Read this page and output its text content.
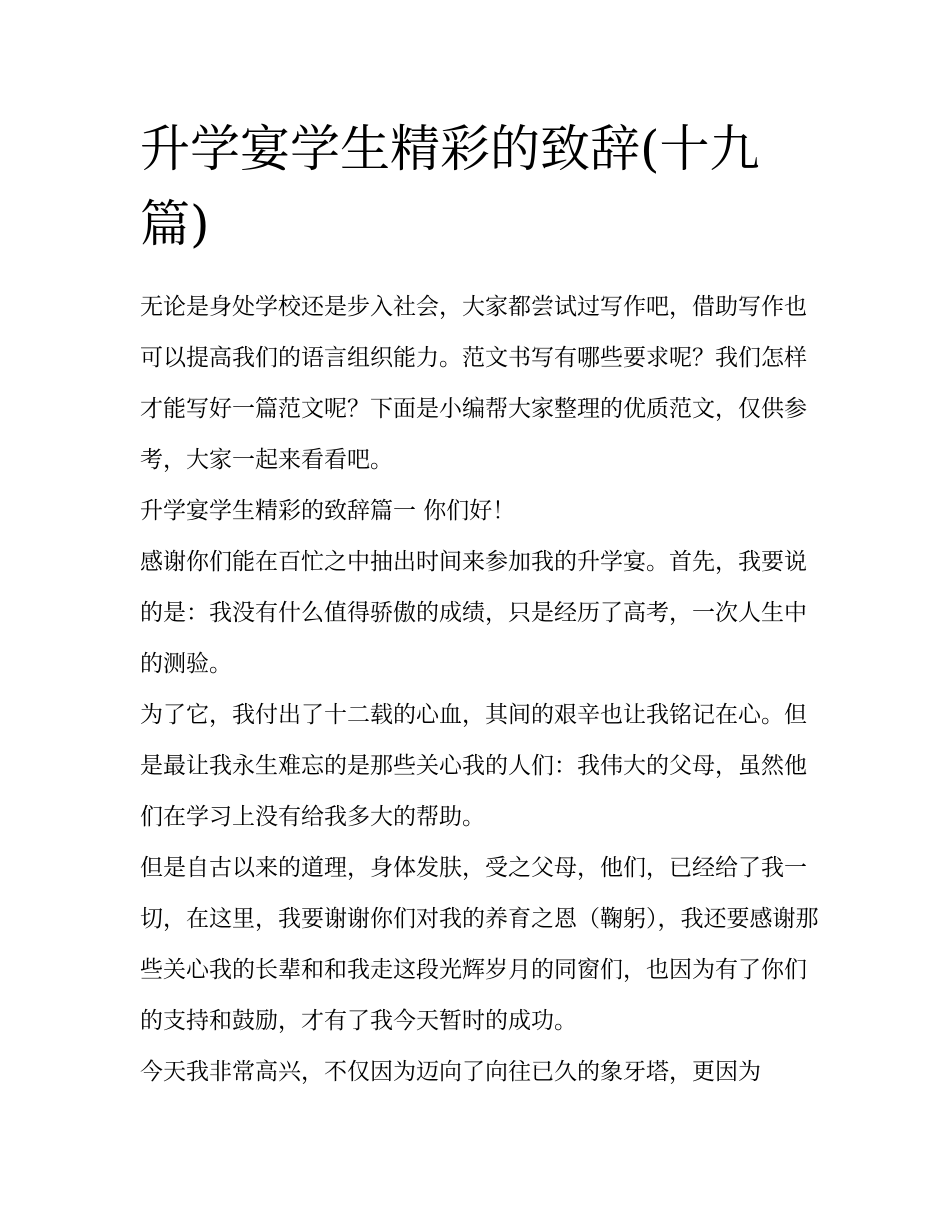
升学宴学生精彩的致辞(十九篇)

无论是身处学校还是步入社会，大家都尝试过写作吧，借助写作也可以提高我们的语言组织能力。范文书写有哪些要求呢？我们怎样才能写好一篇范文呢？下面是小编帮大家整理的优质范文，仅供参考，大家一起来看看吧。

升学宴学生精彩的致辞篇一 你们好！

感谢你们能在百忙之中抽出时间来参加我的升学宴。首先，我要说的是：我没有什么值得骄傲的成绩，只是经历了高考，一次人生中的测验。

为了它，我付出了十二载的心血，其间的艰辛也让我铭记在心。但是最让我永生难忘的是那些关心我的人们：我伟大的父母，虽然他们在学习上没有给我多大的帮助。

但是自古以来的道理，身体发肤，受之父母，他们，已经给了我一切，在这里，我要谢谢你们对我的养育之恩（鞠躬），我还要感谢那些关心我的长辈和和我走这段光辉岁月的同窗们，也因为有了你们的支持和鼓励，才有了我今天暂时的成功。

今天我非常高兴，不仅因为迈向了向往已久的象牙塔，更因为
